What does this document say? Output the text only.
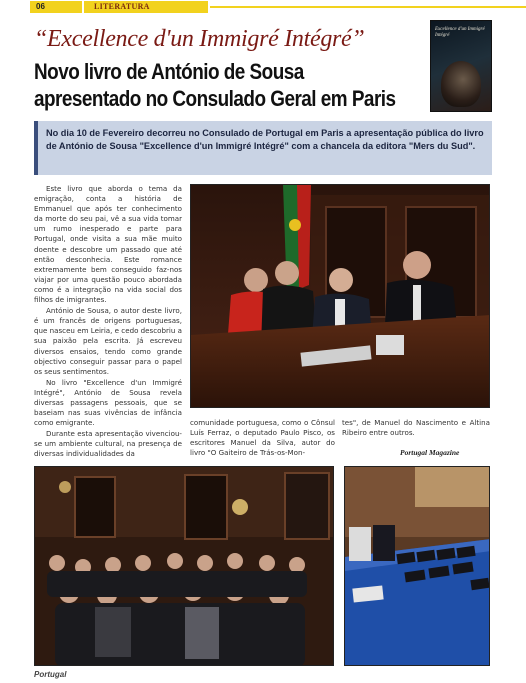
06	LITERATURA
“Excellence d'un Immigré Intégré”
Novo livro de António de Sousa
apresentado no Consulado Geral em Paris
Excellence d'un Immigré Intégré
No dia 10 de Fevereiro decorreu no Consulado de Portugal em Paris a apresentação pública do livro de António de Sousa "Excellence d'un Immigré Intégré" com a chancela da editora "Mers du Sud".

Este livro que aborda o tema da emigração, conta a história de Emmanuel que após ter conhecimento da morte do seu pai, vê a sua vida tomar um rumo inesperado e parte para Portugal, onde visita a sua mãe muito doente e descobre um passado que até então desconhecia. Este romance extremamente bem conseguido faz-nos viajar por uma questão pouco abordada como é a integração na vida social dos filhos de imigrantes.

António de Sousa, o autor deste livro, é um francês de origens portuguesas, que nasceu em Leiria, e cedo descobriu a sua paixão pela escrita. Já escreveu diversos ensaios, tendo como grande objectivo conseguir passar para o papel os seus sentimentos.

No livro "Excellence d'un Immigré Intégré", António de Sousa revela diversas passagens pessoais, que se baseiam nas suas vivências de infância como emigrante.

Durante esta apresentação vivenciou-se um ambiente cultural, na presença de diversas individualidades da

comunidade portuguesa, como o Cônsul Luís Ferraz, o deputado Paulo Pisco, os escritores Manuel da Silva, autor do livro "O Gaiteiro de Trás-os-Mon-

tes", de Manuel do Nascimento e Altina Ribeiro entre outros.

Portugal Magazine
Portugal
